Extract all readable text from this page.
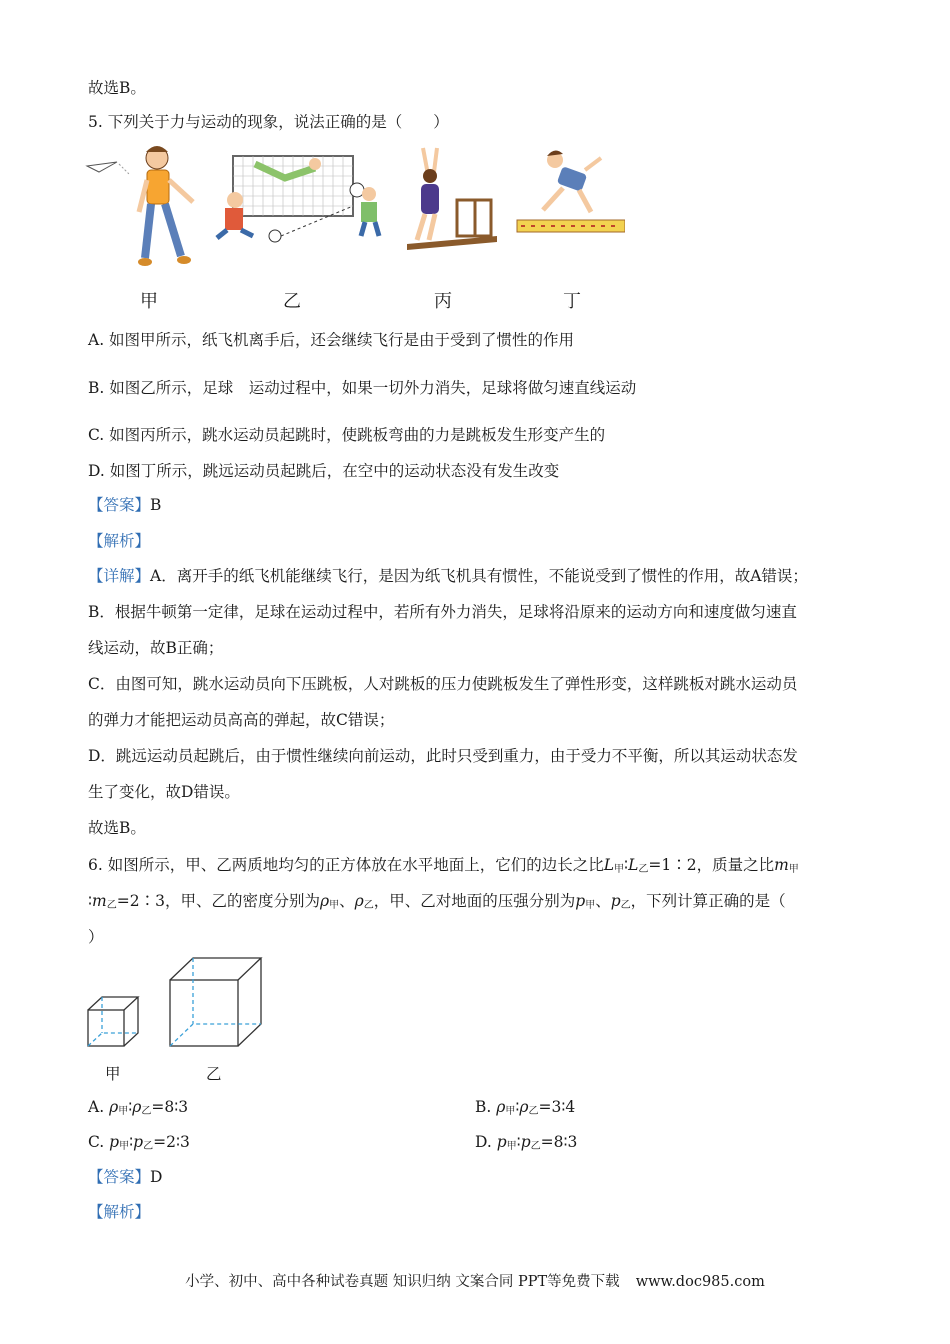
故选B。
5. 下列关于力与运动的现象，说法正确的是（　　）
甲	乙	丙	丁
A. 如图甲所示，纸飞机离手后，还会继续飞行是由于受到了惯性的作用
B. 如图乙所示，足球　运动过程中，如果一切外力消失，足球将做匀速直线运动
C. 如图丙所示，跳水运动员起跳时，使跳板弯曲的力是跳板发生形变产生的
D. 如图丁所示，跳远运动员起跳后，在空中的运动状态没有发生改变
【答案】B
【解析】
【详解】A．离开手的纸飞机能继续飞行，是因为纸飞机具有惯性，不能说受到了惯性的作用，故A错误；
B．根据牛顿第一定律，足球在运动过程中，若所有外力消失，足球将沿原来的运动方向和速度做匀速直
线运动，故B正确；
C．由图可知，跳水运动员向下压跳板，人对跳板的压力使跳板发生了弹性形变，这样跳板对跳水运动员
的弹力才能把运动员高高的弹起，故C错误；
D．跳远运动员起跳后，由于惯性继续向前运动，此时只受到重力，由于受力不平衡，所以其运动状态发
生了变化，故D错误。
故选B。
6. 如图所示，甲、乙两质地均匀的正方体放在水平地面上，它们的边长之比$L_甲∶L_乙=1∶2$，质量之比$m_甲$
$∶m_乙=2∶3$，甲、乙的密度分别为$\rho_甲$、$\rho_乙$，甲、乙对地面的压强分别为$p_甲$、$p_乙$，下列计算正确的是（
）
甲	乙
A. $\rho_甲∶\rho_乙=8∶3$	B. $\rho_甲∶\rho_乙=3∶4$
C. $p_甲∶p_乙=2∶3$	D. $p_甲∶p_乙=8∶3$
【答案】D
【解析】
小学、初中、高中各种试卷真题 知识归纳 文案合同 PPT等免费下载 www.doc985.com
